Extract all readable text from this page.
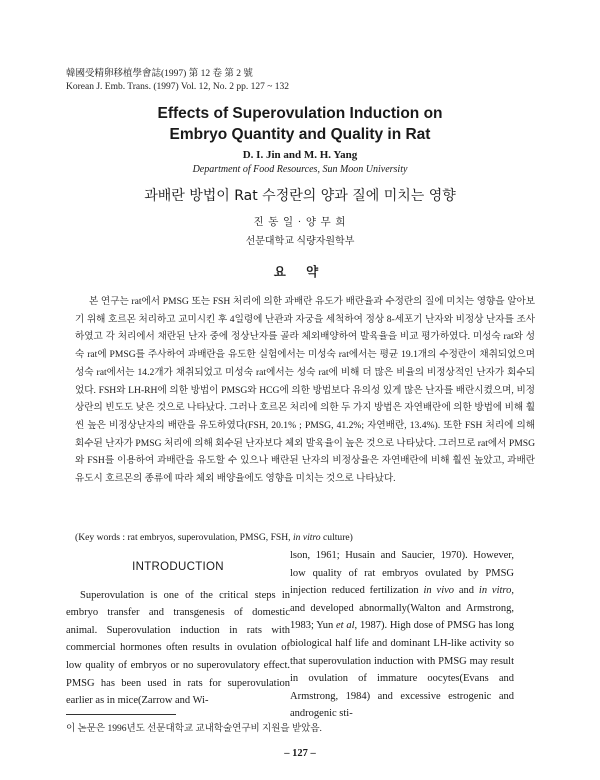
韓國受精卵移植學會誌(1997) 第 12 卷 第 2 號
Korean J. Emb. Trans. (1997) Vol. 12, No. 2 pp. 127 ~ 132
Effects of Superovulation Induction on
Embryo Quantity and Quality in Rat
D. I. Jin and M. H. Yang
Department of Food Resources, Sun Moon University
과배란 방법이 Rat 수정란의 양과 질에 미치는 영향
진 동 일 · 양 무 희
선문대학교 식량자원학부
요 약
본 연구는 rat에서 PMSG 또는 FSH 처리에 의한 과배란 유도가 배란율과 수정란의 질에 미치는 영향을 알아보기 위해 호르몬 처리하고 교미시킨 후 4일령에 난관과 자궁을 세척하여 정상 8-세포기 난자와 비정상 난자를 조사하였고 각 처리에서 채란된 난자 중에 정상난자를 골라 체외배양하여 발육율을 비교 평가하였다. 미성숙 rat와 성숙 rat에 PMSG를 주사하여 과배란을 유도한 실험에서는 미성숙 rat에서는 평균 19.1개의 수정란이 채취되었으며 성숙 rat에서는 14.2개가 채취되었고 미성숙 rat에서는 성숙 rat에 비해 더 많은 비율의 비정상적인 난자가 회수되었다. FSH와 LH-RH에 의한 방법이 PMSG와 HCG에 의한 방법보다 유의성 있게 많은 난자를 배란시켰으며, 비정상란의 빈도도 낮은 것으로 나타났다. 그러나 호르몬 처리에 의한 두 가지 방법은 자연배란에 의한 방법에 비해 훨씬 높은 비정상난자의 배란을 유도하였다(FSH, 20.1% ; PMSG, 41.2%; 자연배란, 13.4%). 또한 FSH 처리에 의해 회수된 난자가 PMSG 처리에 의해 회수된 난자보다 체외 발육율이 높은 것으로 나타났다. 그러므로 rat에서 PMSG와 FSH를 이용하여 과배란을 유도할 수 있으나 배란된 난자의 비정상율은 자연배란에 비해 훨씬 높았고, 과배란 유도시 호르몬의 종류에 따라 체외 배양율에도 영향을 미치는 것으로 나타났다.
(Key words : rat embryos, superovulation, PMSG, FSH, in vitro culture)
INTRODUCTION
Superovulation is one of the critical steps in embryo transfer and transgenesis of domestic animal. Superovulation induction in rats with commercial hormones often results in ovulation of low quality of embryos or no superovulatory effect. PMSG has been used in rats for superovulation earlier as in mice(Zarrow and Wi-
lson, 1961; Husain and Saucier, 1970). However, low quality of rat embryos ovulated by PMSG injection reduced fertilization in vivo and in vitro, and developed abnormally(Walton and Armstrong, 1983; Yun et al, 1987). High dose of PMSG has long biological half life and dominant LH-like activity so that superovulation induction with PMSG may result in ovulation of immature oocytes(Evans and Armstrong, 1984) and excessive estrogenic and androgenic sti-
이 논문은 1996년도 선문대학교 교내학술연구비 지원을 받았음.
– 127 –
